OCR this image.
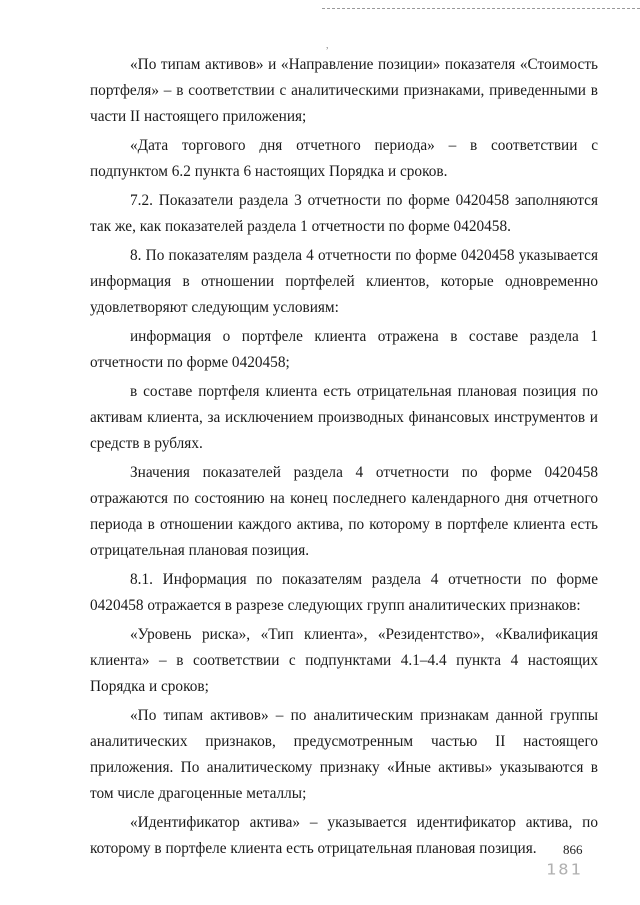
,

«По типам активов» и «Направление позиции» показателя «Стоимость портфеля» – в соответствии с аналитическими признаками, приведенными в части II настоящего приложения;

«Дата торгового дня отчетного периода» – в соответствии с подпунктом 6.2 пункта 6 настоящих Порядка и сроков.

7.2. Показатели раздела 3 отчетности по форме 0420458 заполняются так же, как показателей раздела 1 отчетности по форме 0420458.

8. По показателям раздела 4 отчетности по форме 0420458 указывается информация в отношении портфелей клиентов, которые одновременно удовлетворяют следующим условиям:

информация о портфеле клиента отражена в составе раздела 1 отчетности по форме 0420458;

в составе портфеля клиента есть отрицательная плановая позиция по активам клиента, за исключением производных финансовых инструментов и средств в рублях.

Значения показателей раздела 4 отчетности по форме 0420458 отражаются по состоянию на конец последнего календарного дня отчетного периода в отношении каждого актива, по которому в портфеле клиента есть отрицательная плановая позиция.

8.1. Информация по показателям раздела 4 отчетности по форме 0420458 отражается в разрезе следующих групп аналитических признаков:

«Уровень риска», «Тип клиента», «Резидентство», «Квалификация клиента» – в соответствии с подпунктами 4.1–4.4 пункта 4 настоящих Порядка и сроков;

«По типам активов» – по аналитическим признакам данной группы аналитических признаков, предусмотренным частью II настоящего приложения. По аналитическому признаку «Иные активы» указываются в том числе драгоценные металлы;

«Идентификатор актива» – указывается идентификатор актива, по которому в портфеле клиента есть отрицательная плановая позиция.	866
181
